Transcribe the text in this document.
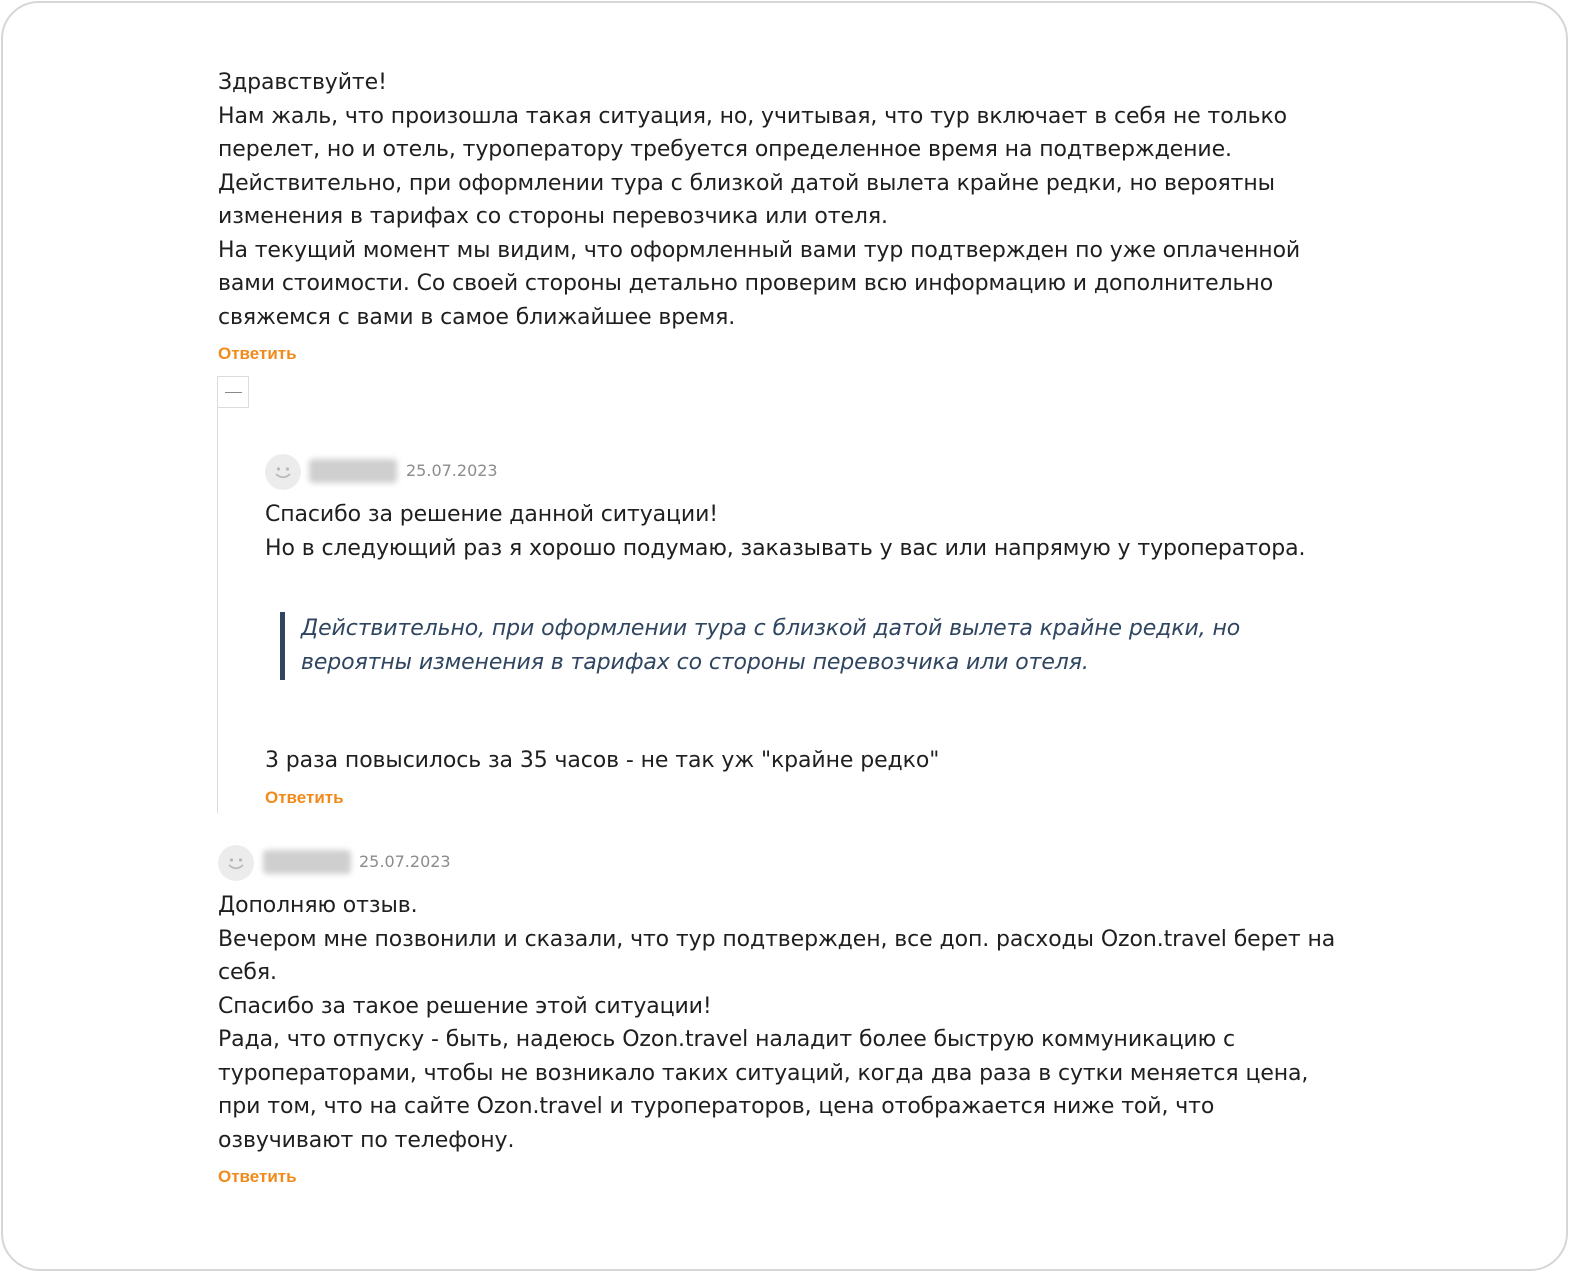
Здравствуйте!

Нам жаль, что произошла такая ситуация, но, учитывая, что тур включает в себя не только перелет, но и отель, туроператору требуется определенное время на подтверждение.

Действительно, при оформлении тура с близкой датой вылета крайне редки, но вероятны изменения в тарифах со стороны перевозчика или отеля.

На текущий момент мы видим, что оформленный вами тур подтвержден по уже оплаченной вами стоимости. Со своей стороны детально проверим всю информацию и дополнительно свяжемся с вами в самое ближайшее время.

Ответить
25.07.2023

Спасибо за решение данной ситуации!

Но в следующий раз я хорошо подумаю, заказывать у вас или напрямую у туроператора.

Действительно, при оформлении тура с близкой датой вылета крайне редки, но вероятны изменения в тарифах со стороны перевозчика или отеля.

3 раза повысилось за 35 часов - не так уж "крайне редко"

Ответить
25.07.2023

Дополняю отзыв.

Вечером мне позвонили и сказали, что тур подтвержден, все доп. расходы Ozon.travel берет на себя.

Спасибо за такое решение этой ситуации!

Рада, что отпуску - быть, надеюсь Ozon.travel наладит более быструю коммуникацию с туроператорами, чтобы не возникало таких ситуаций, когда два раза в сутки меняется цена, при том, что на сайте Ozon.travel и туроператоров, цена отображается ниже той, что озвучивают по телефону.

Ответить
